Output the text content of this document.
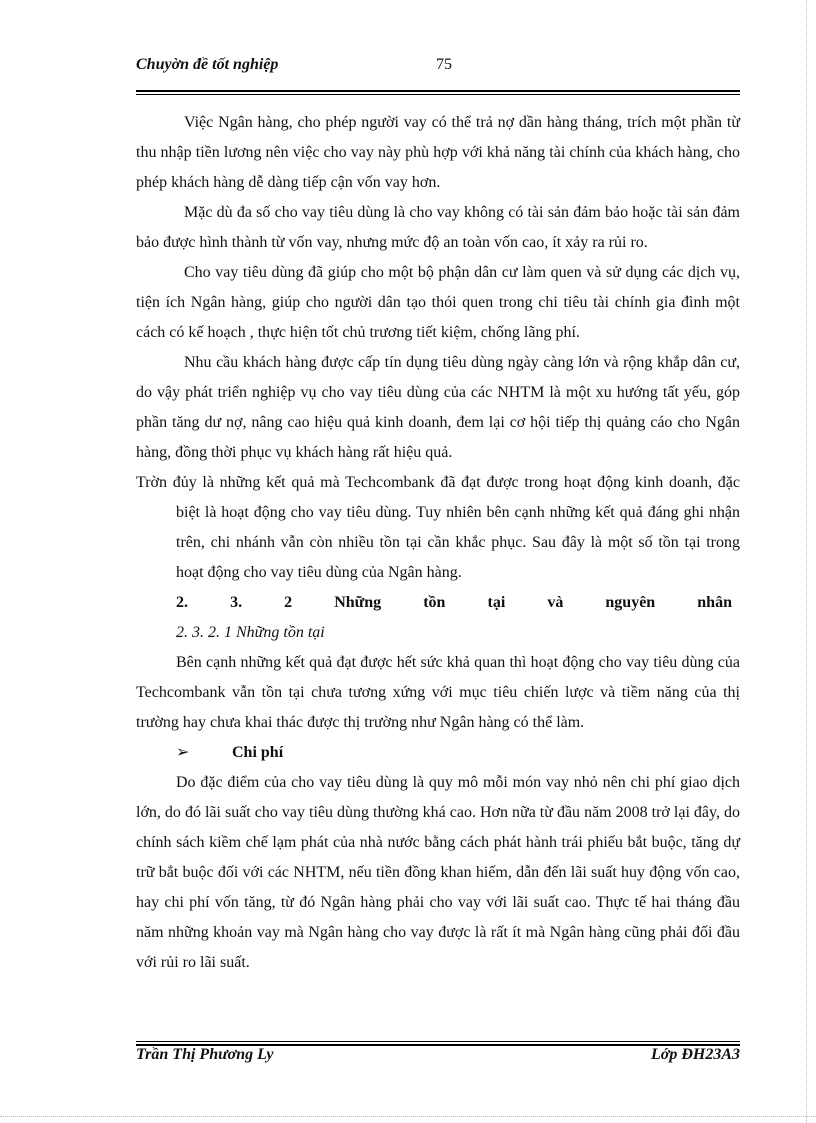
Chuyờn đề tốt nghiệp	75

Việc Ngân hàng, cho phép người vay có thể trả nợ dần hàng tháng, trích một phần từ thu nhập tiền lương nên việc cho vay này phù hợp với khả năng tài chính của khách hàng, cho phép khách hàng dễ dàng tiếp cận vốn vay hơn.

Mặc dù đa số cho vay tiêu dùng là cho vay không có tài sản đảm bảo hoặc tài sản đảm bảo được hình thành từ vốn vay, nhưng mức độ an toàn vốn cao, ít xảy ra rủi ro.

Cho vay tiêu dùng đã giúp cho một bộ phận dân cư làm quen và sử dụng các dịch vụ, tiện ích Ngân hàng, giúp cho người dân tạo thói quen trong chi tiêu tài chính gia đình một cách có kế hoạch , thực hiện tốt chủ trương tiết kiệm, chống lãng phí.

Nhu cầu khách hàng được cấp tín dụng tiêu dùng ngày càng lớn và rộng khắp dân cư, do vậy phát triển nghiệp vụ cho vay tiêu dùng của các NHTM là một xu hướng tất yếu, góp phần tăng dư nợ, nâng cao hiệu quả kinh doanh, đem lại cơ hội tiếp thị quảng cáo cho Ngân hàng, đồng thời phục vụ khách hàng rất hiệu quả.

Trờn đủy là những kết quả mà Techcombank đã đạt được trong hoạt động kinh doanh, đặc biệt là hoạt động cho vay tiêu dùng. Tuy nhiên bên cạnh những kết quả đáng ghi nhận trên, chi nhánh vẫn còn nhiều tồn tại cần khắc phục. Sau đây là một số tồn tại trong hoạt động cho vay tiêu dùng của Ngân hàng.

2.	3.	2	Những	tồn	tại	và	nguyên	nhân

2. 3. 2. 1 Những tồn tại

Bên cạnh những kết quả đạt được hết sức khả quan thì hoạt động cho vay tiêu dùng của Techcombank vẫn tồn tại chưa tương xứng với mục tiêu chiến lược và tiềm năng của thị trường hay chưa khai thác được thị trường như Ngân hàng có thể làm.

➢	Chi phí

Do đặc điểm của cho vay tiêu dùng là quy mô mỗi món vay nhỏ nên chi phí giao dịch lớn, do đó lãi suất cho vay tiêu dùng thường khá cao. Hơn nữa từ đầu năm 2008 trở lại đây, do chính sách kiềm chế lạm phát của nhà nước bằng cách phát hành trái phiếu bắt buộc, tăng dự trữ bắt buộc đối với các NHTM, nếu tiền đồng khan hiếm, dẫn đến lãi suất huy động vốn cao, hay chi phí vốn tăng, từ đó Ngân hàng phải cho vay với lãi suất cao. Thực tế hai tháng đầu năm những khoản vay mà Ngân hàng cho vay được là rất ít mà Ngân hàng cũng phải đối đầu với rủi ro lãi suất.

Trần Thị Phương Ly	Lớp ĐH23A3
